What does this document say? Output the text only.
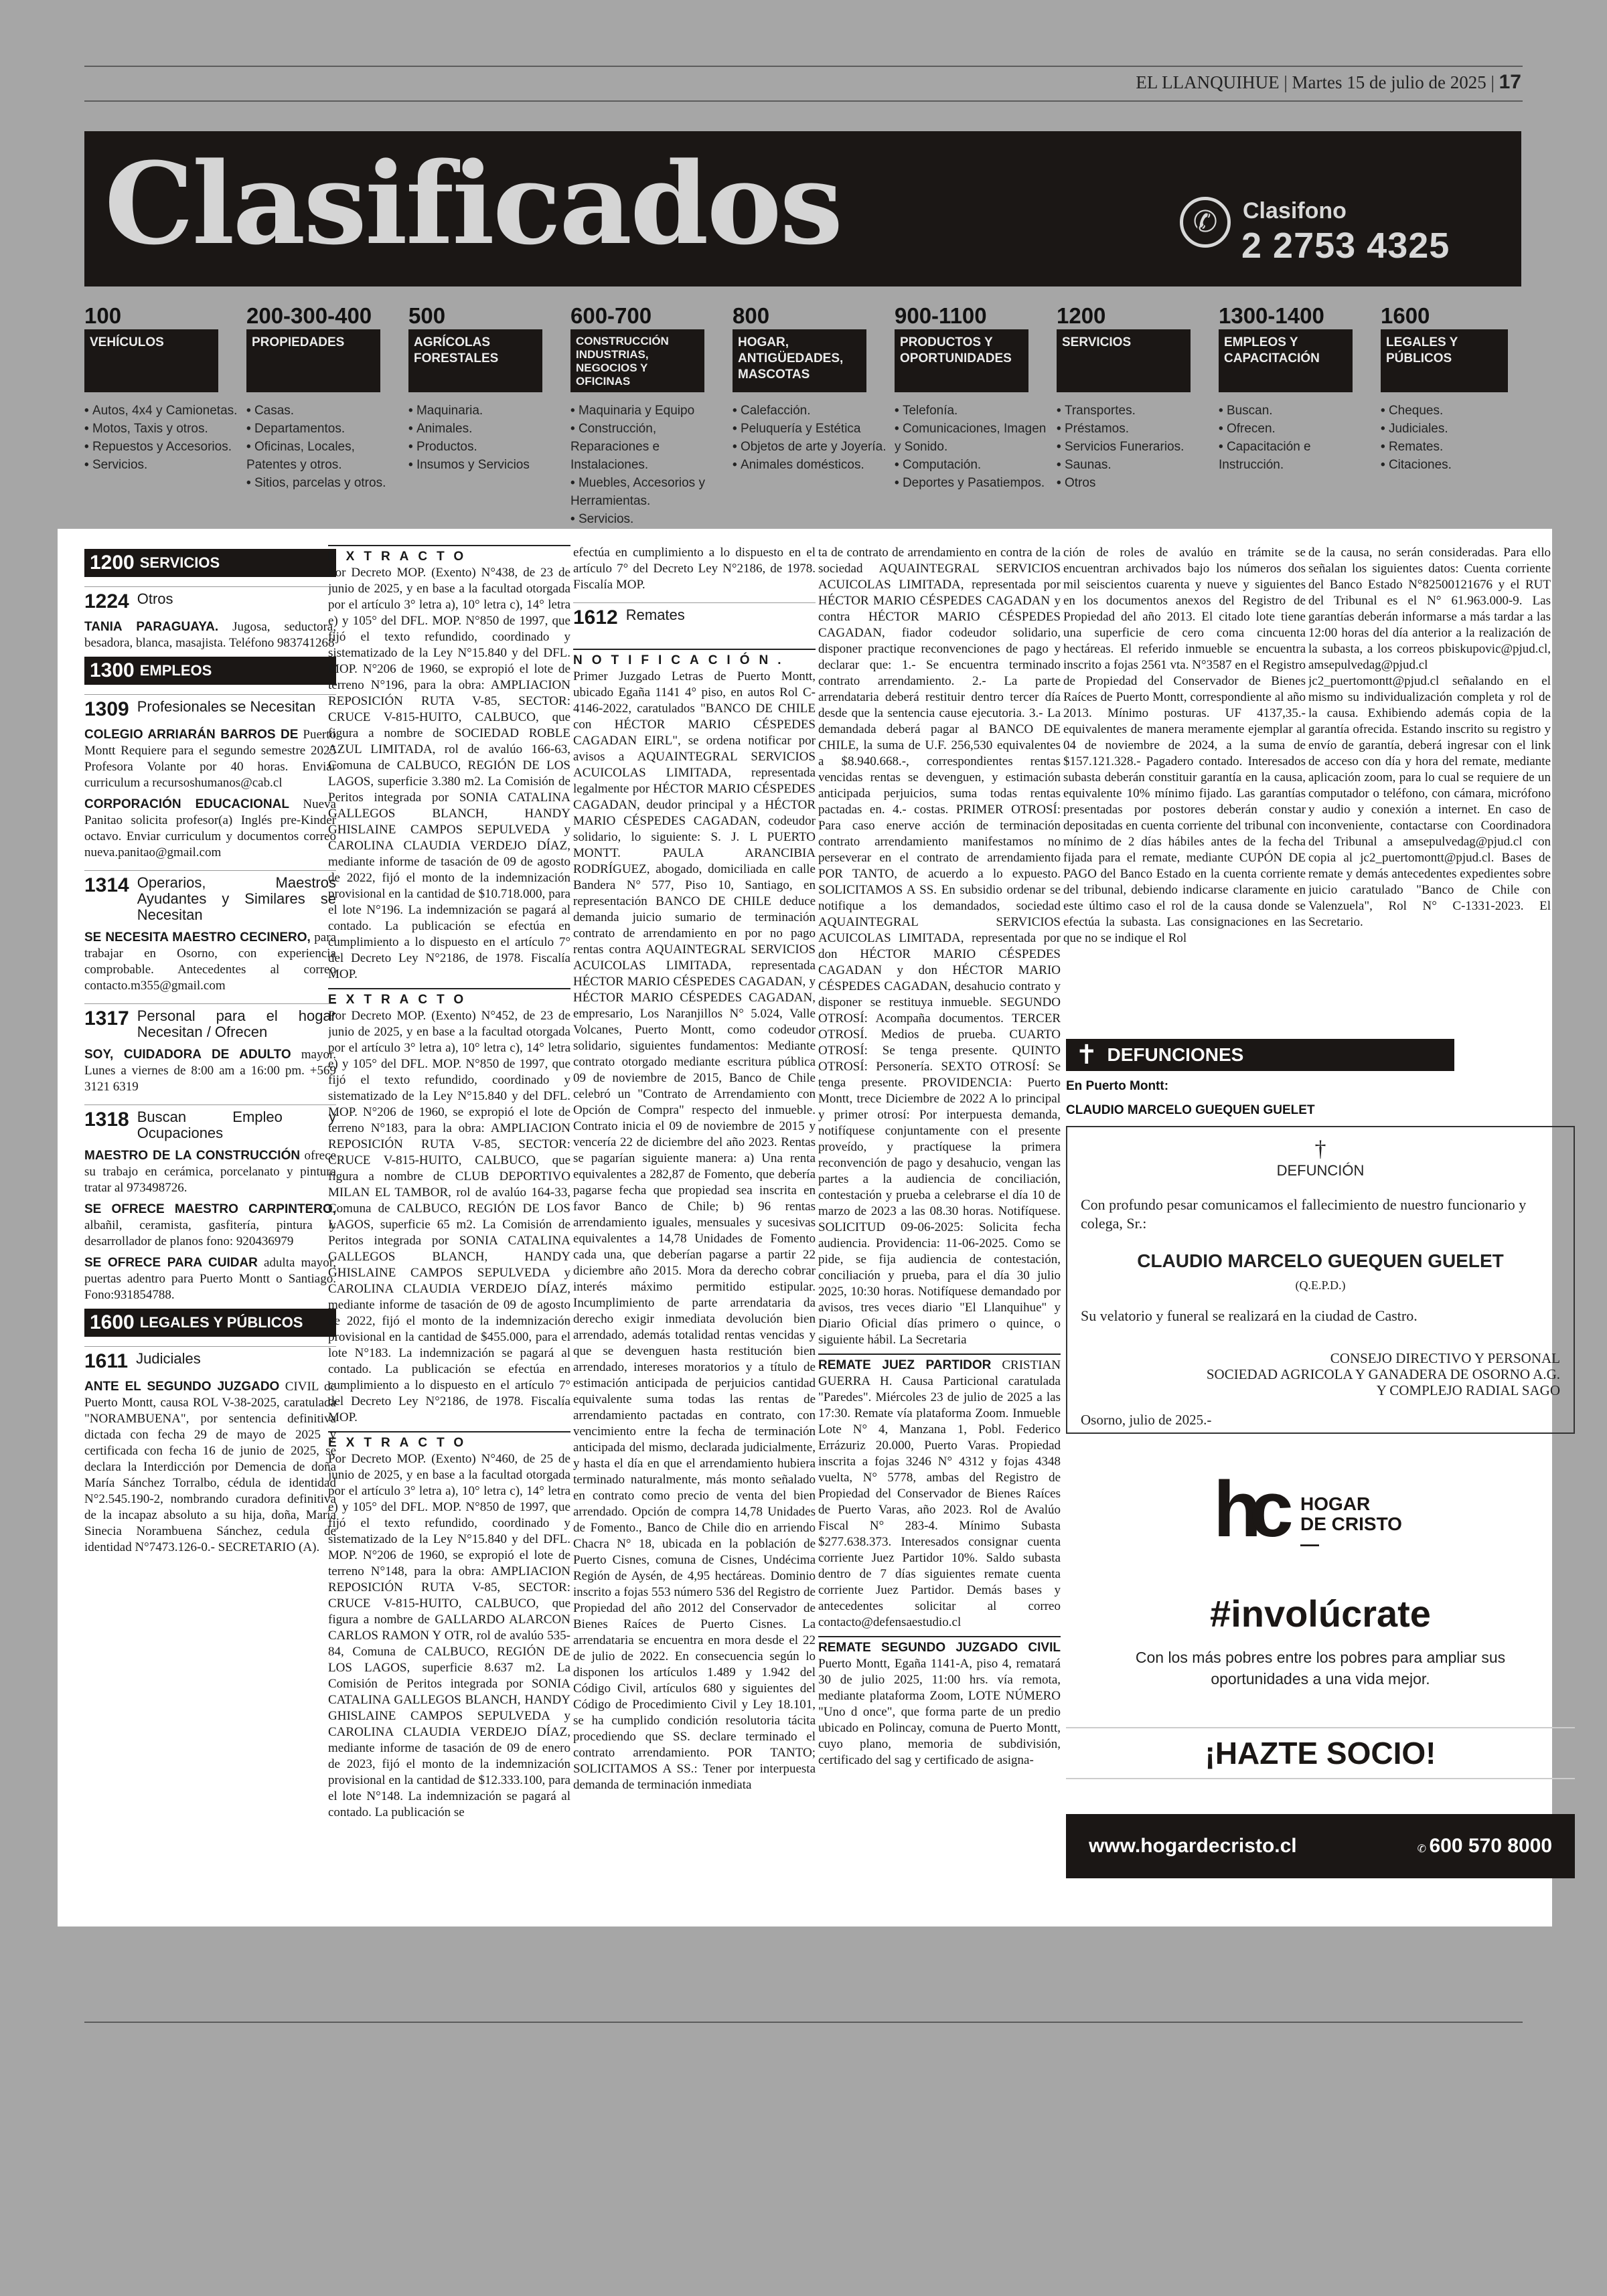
EL LLANQUIHUE | Martes 15 de julio de 2025 | 17
Clasificados	✆	Clasifono
2 2753 4325
100
VEHÍCULOS
• Autos, 4x4 y Camionetas.
• Motos, Taxis y otros.
• Repuestos y Accesorios.
• Servicios.
200-300-400
PROPIEDADES
• Casas.
• Departamentos.
• Oficinas, Locales, Patentes y otros.
• Sitios, parcelas y otros.
500
AGRÍCOLAS FORESTALES
• Maquinaria.
• Animales.
• Productos.
• Insumos y Servicios
600-700
CONSTRUCCIÓN INDUSTRIAS, NEGOCIOS Y OFICINAS
• Maquinaria y Equipo
• Construcción, Reparaciones e Instalaciones.
• Muebles, Accesorios y Herramientas.
• Servicios.
800
HOGAR, ANTIGÜEDADES, MASCOTAS
• Calefacción.
• Peluquería y Estética
• Objetos de arte y Joyería.
• Animales domésticos.
900-1100
PRODUCTOS Y OPORTUNIDADES
• Telefonía.
• Comunicaciones, Imagen y Sonido.
• Computación.
• Deportes y Pasatiempos.
1200
SERVICIOS
• Transportes.
• Préstamos.
• Servicios Funerarios.
• Saunas.
• Otros
1300-1400
EMPLEOS Y CAPACITACIÓN
• Buscan.
• Ofrecen.
• Capacitación e Instrucción.
1600
LEGALES Y PÚBLICOS
• Cheques.
• Judiciales.
• Remates.
• Citaciones.
1200 SERVICIOS
1224 Otros

TANIA PARAGUAYA. Jugosa, seductora, besadora, blanca, masajista. Teléfono 983741268

1300 EMPLEOS
1309 Profesionales se Necesitan

COLEGIO ARRIARÁN BARROS DE Puerto Montt Requiere para el segundo semestre 2025 Profesora Volante por 40 horas. Enviar curriculum a recursoshumanos@cab.cl

CORPORACIÓN EDUCACIONAL Nueva Panitao solicita profesor(a) Inglés pre-Kinder octavo. Enviar curriculum y documentos correo nueva.panitao@gmail.com

1314 Operarios, Maestros Ayudantes y Similares se Necesitan

SE NECESITA MAESTRO CECINERO, para trabajar en Osorno, con experiencia comprobable. Antecedentes al correo contacto.m355@gmail.com

1317 Personal para el hogar Necesitan / Ofrecen

SOY, CUIDADORA DE ADULTO mayor. Lunes a viernes de 8:00 am a 16:00 pm. +569 3121 6319

1318 Buscan Empleo y Ocupaciones

MAESTRO DE LA CONSTRUCCIÓN ofrece su trabajo en cerámica, porcelanato y pintura tratar al 973498726.

SE OFRECE MAESTRO CARPINTERO, albañil, ceramista, gasfitería, pintura y desarrollador de planos fono: 920436979

SE OFRECE PARA CUIDAR adulta mayor, puertas adentro para Puerto Montt o Santiago. Fono:931854788.

1600 LEGALES Y PÚBLICOS
1611 Judiciales

ANTE EL SEGUNDO JUZGADO CIVIL de Puerto Montt, causa ROL V-38-2025, caratulada "NORAMBUENA", por sentencia definitiva dictada con fecha 29 de mayo de 2025 y certificada con fecha 16 de junio de 2025, se declara la Interdicción por Demencia de doña María Sánchez Torralbo, cédula de identidad N°2.545.190-2, nombrando curadora definitiva de la incapaz absoluto a su hija, doña, María Sinecia Norambuena Sánchez, cedula de identidad N°7473.126-0.- SECRETARIO (A).

EXTRACTO

Por Decreto MOP. (Exento) N°438, de 23 de junio de 2025, y en base a la facultad otorgada por el artículo 3° letra a), 10° letra c), 14° letra e) y 105° del DFL. MOP. N°850 de 1997, que fijó el texto refundido, coordinado y sistematizado de la Ley N°15.840 y del DFL. MOP. N°206 de 1960, se expropió el lote de terreno N°196, para la obra: AMPLIACION REPOSICIÓN RUTA V-85, SECTOR: CRUCE V-815-HUITO, CALBUCO, que figura a nombre de SOCIEDAD ROBLE AZUL LIMITADA, rol de avalúo 166-63, Comuna de CALBUCO, REGIÓN DE LOS LAGOS, superficie 3.380 m2. La Comisión de Peritos integrada por SONIA CATALINA GALLEGOS BLANCH, HANDY GHISLAINE CAMPOS SEPULVEDA y CAROLINA CLAUDIA VERDEJO DÍAZ, mediante informe de tasación de 09 de agosto de 2022, fijó el monto de la indemnización provisional en la cantidad de $10.718.000, para el lote N°196. La indemnización se pagará al contado. La publicación se efectúa en cumplimiento a lo dispuesto en el artículo 7° del Decreto Ley N°2186, de 1978. Fiscalía MOP.

EXTRACTO

Por Decreto MOP. (Exento) N°452, de 23 de junio de 2025, y en base a la facultad otorgada por el artículo 3° letra a), 10° letra c), 14° letra e) y 105° del DFL. MOP. N°850 de 1997, que fijó el texto refundido, coordinado y sistematizado de la Ley N°15.840 y del DFL. MOP. N°206 de 1960, se expropió el lote de terreno N°183, para la obra: AMPLIACION REPOSICIÓN RUTA V-85, SECTOR: CRUCE V-815-HUITO, CALBUCO, que figura a nombre de CLUB DEPORTIVO MILAN EL TAMBOR, rol de avalúo 164-33, Comuna de CALBUCO, REGIÓN DE LOS LAGOS, superficie 65 m2. La Comisión de Peritos integrada por SONIA CATALINA GALLEGOS BLANCH, HANDY GHISLAINE CAMPOS SEPULVEDA y CAROLINA CLAUDIA VERDEJO DÍAZ, mediante informe de tasación de 09 de agosto de 2022, fijó el monto de la indemnización provisional en la cantidad de $455.000, para el lote N°183. La indemnización se pagará al contado. La publicación se efectúa en cumplimiento a lo dispuesto en el artículo 7° del Decreto Ley N°2186, de 1978. Fiscalía MOP.

EXTRACTO

Por Decreto MOP. (Exento) N°460, de 25 de junio de 2025, y en base a la facultad otorgada por el artículo 3° letra a), 10° letra c), 14° letra e) y 105° del DFL. MOP. N°850 de 1997, que fijó el texto refundido, coordinado y sistematizado de la Ley N°15.840 y del DFL. MOP. N°206 de 1960, se expropió el lote de terreno N°148, para la obra: AMPLIACION REPOSICIÓN RUTA V-85, SECTOR: CRUCE V-815-HUITO, CALBUCO, que figura a nombre de GALLARDO ALARCON CARLOS RAMON Y OTR, rol de avalúo 535-84, Comuna de CALBUCO, REGIÓN DE LOS LAGOS, superficie 8.637 m2. La Comisión de Peritos integrada por SONIA CATALINA GALLEGOS BLANCH, HANDY GHISLAINE CAMPOS SEPULVEDA y CAROLINA CLAUDIA VERDEJO DÍAZ, mediante informe de tasación de 09 de enero de 2023, fijó el monto de la indemnización provisional en la cantidad de $12.333.100, para el lote N°148. La indemnización se pagará al contado. La publicación se

efectúa en cumplimiento a lo dispuesto en el artículo 7° del Decreto Ley N°2186, de 1978. Fiscalía MOP.

1612 Remates
NOTIFICACIÓN.

Primer Juzgado Letras de Puerto Montt, ubicado Egaña 1141 4° piso, en autos Rol C- 4146-2022, caratulados "BANCO DE CHILE con HÉCTOR MARIO CÉSPEDES CAGADAN EIRL", se ordena notificar por avisos a AQUAINTEGRAL SERVICIOS ACUICOLAS LIMITADA, representada legalmente por HÉCTOR MARIO CÉSPEDES CAGADAN, deudor principal y a HÉCTOR MARIO CÉSPEDES CAGADAN, codeudor solidario, lo siguiente: S. J. L PUERTO MONTT. PAULA ARANCIBIA RODRÍGUEZ, abogado, domiciliada en calle Bandera N° 577, Piso 10, Santiago, en representación BANCO DE CHILE deduce demanda juicio sumario de terminación contrato de arrendamiento en por no pago rentas contra AQUAINTEGRAL SERVICIOS ACUICOLAS LIMITADA, representada HÉCTOR MARIO CÉSPEDES CAGADAN, y HÉCTOR MARIO CÉSPEDES CAGADAN, empresario, Los Naranjillos N° 5.024, Valle Volcanes, Puerto Montt, como codeudor solidario, siguientes fundamentos: Mediante contrato otorgado mediante escritura pública 09 de noviembre de 2015, Banco de Chile celebró un "Contrato de Arrendamiento con Opción de Compra" respecto del inmueble. Contrato inicia el 09 de noviembre de 2015 y vencería 22 de diciembre del año 2023. Rentas se pagarían siguiente manera: a) Una renta equivalentes a 282,87 de Fomento, que debería pagarse fecha que propiedad sea inscrita en favor Banco de Chile; b) 96 rentas arrendamiento iguales, mensuales y sucesivas equivalentes a 14,78 Unidades de Fomento cada una, que deberían pagarse a partir 22 diciembre año 2015. Mora da derecho cobrar interés máximo permitido estipular. Incumplimiento de parte arrendataria da derecho exigir inmediata devolución bien arrendado, además totalidad rentas vencidas y que se devenguen hasta restitución bien arrendado, intereses moratorios y a título de estimación anticipada de perjuicios cantidad equivalente suma todas las rentas de arrendamiento pactadas en contrato, con vencimiento entre la fecha de terminación anticipada del mismo, declarada judicialmente, y hasta el día en que el arrendamiento hubiera terminado naturalmente, más monto señalado en contrato como precio de venta del bien arrendado. Opción de compra 14,78 Unidades de Fomento., Banco de Chile dio en arriendo Chacra N° 18, ubicada en la población de Puerto Cisnes, comuna de Cisnes, Undécima Región de Aysén, de 4,95 hectáreas. Dominio inscrito a fojas 553 número 536 del Registro de Propiedad del año 2012 del Conservador de Bienes Raíces de Puerto Cisnes. La arrendataria se encuentra en mora desde el 22 de julio de 2022. En consecuencia según lo disponen los artículos 1.489 y 1.942 del Código Civil, artículos 680 y siguientes del Código de Procedimiento Civil y Ley 18.101, se ha cumplido condición resolutoria tácita procediendo que SS. declare terminado el contrato arrendamiento. POR TANTO; SOLICITAMOS A SS.: Tener por interpuesta demanda de terminación inmediata

ta de contrato de arrendamiento en contra de la sociedad AQUAINTEGRAL SERVICIOS ACUICOLAS LIMITADA, representada por HÉCTOR MARIO CÉSPEDES CAGADAN y contra HÉCTOR MARIO CÉSPEDES CAGADAN, fiador codeudor solidario, disponer practique reconvenciones de pago y declarar que: 1.- Se encuentra terminado contrato arrendamiento. 2.- La parte arrendataria deberá restituir dentro tercer día desde que la sentencia cause ejecutoria. 3.- La demandada deberá pagar al BANCO DE CHILE, la suma de U.F. 256,530 equivalentes a $8.940.668.-, correspondientes rentas vencidas rentas se devenguen, y estimación anticipada perjuicios, suma todas rentas pactadas en. 4.- costas. PRIMER OTROSÍ: Para caso enerve acción de terminación contrato arrendamiento manifestamos no perseverar en el contrato de arrendamiento POR TANTO, de acuerdo a lo expuesto. SOLICITAMOS A SS. En subsidio ordenar se notifique a los demandados, sociedad AQUAINTEGRAL SERVICIOS ACUICOLAS LIMITADA, representada por don HÉCTOR MARIO CÉSPEDES CAGADAN y don HÉCTOR MARIO CÉSPEDES CAGADAN, desahucio contrato y disponer se restituya inmueble. SEGUNDO OTROSÍ: Acompaña documentos. TERCER OTROSÍ. Medios de prueba. CUARTO OTROSÍ: Se tenga presente. QUINTO OTROSÍ: Personería. SEXTO OTROSÍ: Se tenga presente. PROVIDENCIA: Puerto Montt, trece Diciembre de 2022 A lo principal y primer otrosí: Por interpuesta demanda, notifíquese conjuntamente con el presente proveído, y practíquese la primera reconvención de pago y desahucio, vengan las partes a la audiencia de conciliación, contestación y prueba a celebrarse el día 10 de marzo de 2023 a las 08.30 horas. Notifíquese. SOLICITUD 09-06-2025: Solicita fecha audiencia. Providencia: 11-06-2025. Como se pide, se fija audiencia de contestación, conciliación y prueba, para el día 30 julio 2025, 10:30 horas. Notifíquese demandado por avisos, tres veces diario "El Llanquihue" y Diario Oficial días primero o quince, o siguiente hábil. La Secretaria

REMATE JUEZ PARTIDOR CRISTIAN GUERRA H. Causa Particional caratulada "Paredes". Miércoles 23 de julio de 2025 a las 17:30. Remate vía plataforma Zoom. Inmueble Lote N° 4, Manzana 1, Pobl. Federico Errázuriz 20.000, Puerto Varas. Propiedad inscrita a fojas 3246 N° 4312 y fojas 4348 vuelta, N° 5778, ambas del Registro de Propiedad del Conservador de Bienes Raíces de Puerto Varas, año 2023. Rol de Avalúo Fiscal N° 283-4. Mínimo Subasta $277.638.373. Interesados consignar cuenta corriente Juez Partidor 10%. Saldo subasta dentro de 7 días siguientes remate cuenta corriente Juez Partidor. Demás bases y antecedentes solicitar al correo contacto@defensaestudio.cl

REMATE SEGUNDO JUZGADO CIVIL Puerto Montt, Egaña 1141-A, piso 4, rematará 30 de julio 2025, 11:00 hrs. vía remota, mediante plataforma Zoom, LOTE NÚMERO "Uno d once", que forma parte de un predio ubicado en Polincay, comuna de Puerto Montt, cuyo plano, memoria de subdivisión, certificado del sag y certificado de asigna-

ción de roles de avalúo en trámite se encuentran archivados bajo los números dos mil seiscientos cuarenta y nueve y siguientes en los documentos anexos del Registro de Propiedad del año 2013. El citado lote tiene una superficie de cero coma cincuenta hectáreas. El referido inmueble se encuentra inscrito a fojas 2561 vta. N°3587 en el Registro de Propiedad del Conservador de Bienes Raíces de Puerto Montt, correspondiente al año 2013. Mínimo posturas. UF 4137,35.- equivalentes de manera meramente ejemplar al 04 de noviembre de 2024, a la suma de $157.121.328.- Pagadero contado. Interesados subasta deberán constituir garantía en la causa, equivalente 10% mínimo fijado. Las garantías presentadas por postores deberán constar depositadas en cuenta corriente del tribunal con mínimo de 2 días hábiles antes de la fecha fijada para el remate, mediante CUPÓN DE PAGO del Banco Estado en la cuenta corriente del tribunal, debiendo indicarse claramente en este último caso el rol de la causa donde se efectúa la subasta. Las consignaciones en las que no se indique el Rol

de la causa, no serán consideradas. Para ello señalan los siguientes datos: Cuenta corriente del Banco Estado N°82500121676 y el RUT del Tribunal es el N° 61.963.000-9. Las garantías deberán informarse a más tardar a las 12:00 horas del día anterior a la realización de la subasta, a los correos pbiskupovic@pjud.cl, amsepulvedag@pjud.cl jc2_puertomontt@pjud.cl señalando en el mismo su individualización completa y rol de la causa. Exhibiendo además copia de la garantía ofrecida. Estando inscrito su registro y envío de garantía, deberá ingresar con el link de acceso con día y hora del remate, mediante aplicación zoom, para lo cual se requiere de un computador o teléfono, con cámara, micrófono y audio y conexión a internet. En caso de inconveniente, contactarse con Coordinadora del Tribunal a amsepulvedag@pjud.cl con copia al jc2_puertomontt@pjud.cl. Bases de remate y demás antecedentes expedientes sobre juicio caratulado "Banco de Chile con Valenzuela", Rol N° C-1331-2023. El Secretario.

✝ DEFUNCIONES
En Puerto Montt:
CLAUDIO MARCELO GUEQUEN GUELET
†
DEFUNCIÓN
Con profundo pesar comunicamos el fallecimiento de nuestro funcionario y colega, Sr.:
CLAUDIO MARCELO GUEQUEN GUELET
(Q.E.P.D.)
Su velatorio y funeral se realizará en la ciudad de Castro.
CONSEJO DIRECTIVO Y PERSONAL
SOCIEDAD AGRICOLA Y GANADERA DE OSORNO A.G.
Y COMPLEJO RADIAL SAGO
Osorno, julio de 2025.-
hc HOGAR
DE CRISTO
—
#involúcrate
Con los más pobres entre los pobres para ampliar sus oportunidades a una vida mejor.
¡HAZTE SOCIO!
www.hogardecristo.cl	✆ 600 570 8000
